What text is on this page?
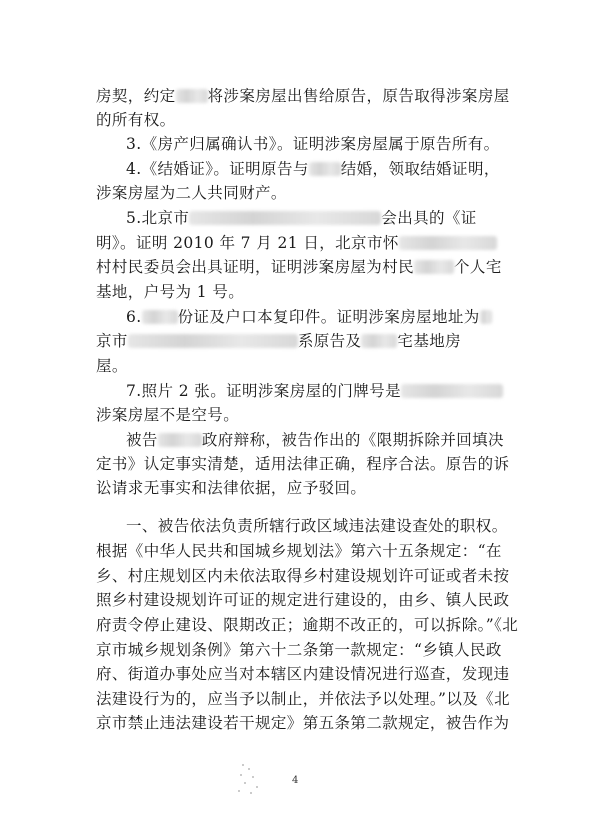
房契，约定 将涉案房屋出售给原告，原告取得涉案房屋
的所有权。
3.《房产归属确认书》。证明涉案房屋属于原告所有。
4.《结婚证》。证明原告与 结婚，领取结婚证明，
涉案房屋为二人共同财产。
5.北京市	会出具的《证
明》。证明 2010 年 7 月 21 日，北京市怀
村村民委员会出具证明，证明涉案房屋为村民	个人宅
基地，户号为 1 号。
6. 份证及户口本复印件。证明涉案房屋地址为
京市	系原告及 宅基地房
屋。
7.照片 2 张。证明涉案房屋的门牌号是
涉案房屋不是空号。
被告	政府辩称，被告作出的《限期拆除并回填决
定书》认定事实清楚，适用法律正确，程序合法。原告的诉
讼请求无事实和法律依据，应予驳回。
一、被告依法负责所辖行政区域违法建设查处的职权。
根据《中华人民共和国城乡规划法》第六十五条规定：“在
乡、村庄规划区内未依法取得乡村建设规划许可证或者未按
照乡村建设规划许可证的规定进行建设的，由乡、镇人民政
府责令停止建设、限期改正；逾期不改正的，可以拆除。”《北
京市城乡规划条例》第六十二条第一款规定：“乡镇人民政
府、街道办事处应当对本辖区内建设情况进行巡查，发现违
法建设行为的，应当予以制止，并依法予以处理。”以及《北
京市禁止违法建设若干规定》第五条第二款规定，被告作为
4
